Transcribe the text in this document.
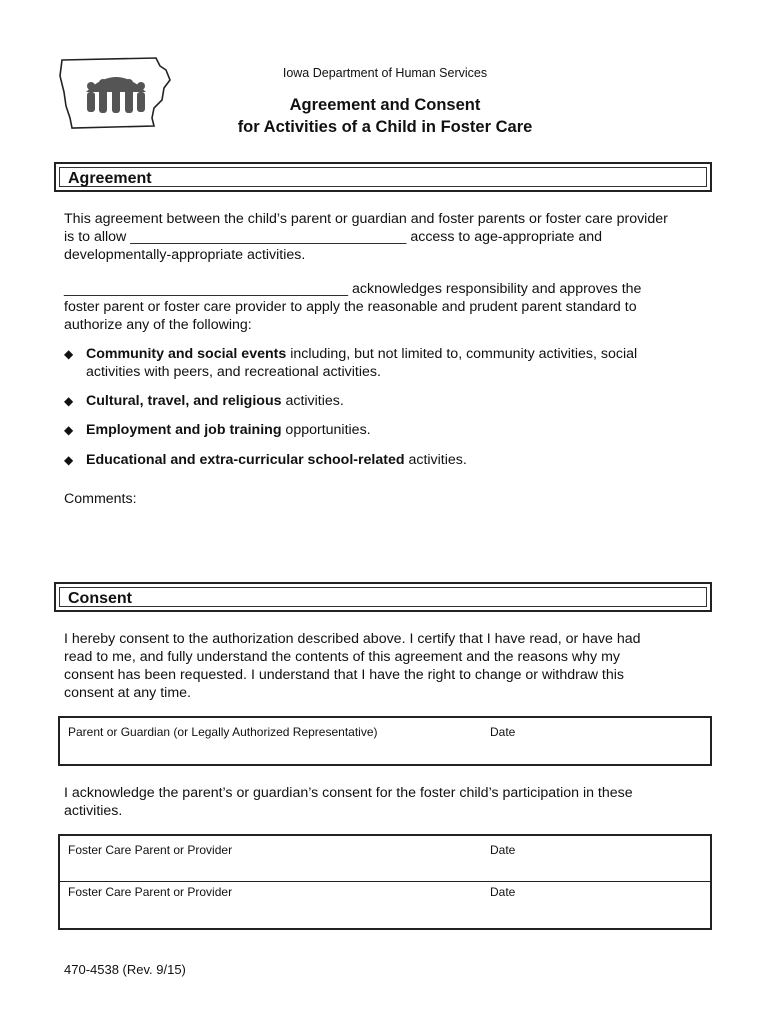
Iowa Department of Human Services
Agreement and Consent
for Activities of a Child in Foster Care
Agreement
This agreement between the child’s parent or guardian and foster parents or foster care provider
is to allow ___________________________________ access to age-appropriate and
developmentally-appropriate activities.
____________________________________ acknowledges responsibility and approves the
foster parent or foster care provider to apply the reasonable and prudent parent standard to
authorize any of the following:
◆ Community and social events including, but not limited to, community activities, social
activities with peers, and recreational activities.
◆ Cultural, travel, and religious activities.
◆ Employment and job training opportunities.
◆ Educational and extra-curricular school-related activities.
Comments:
Consent
I hereby consent to the authorization described above. I certify that I have read, or have had
read to me, and fully understand the contents of this agreement and the reasons why my
consent has been requested. I understand that I have the right to change or withdraw this
consent at any time.
Parent or Guardian (or Legally Authorized Representative)	Date
I acknowledge the parent’s or guardian’s consent for the foster child’s participation in these
activities.
Foster Care Parent or Provider	Date
Foster Care Parent or Provider	Date
470-4538 (Rev. 9/15)
